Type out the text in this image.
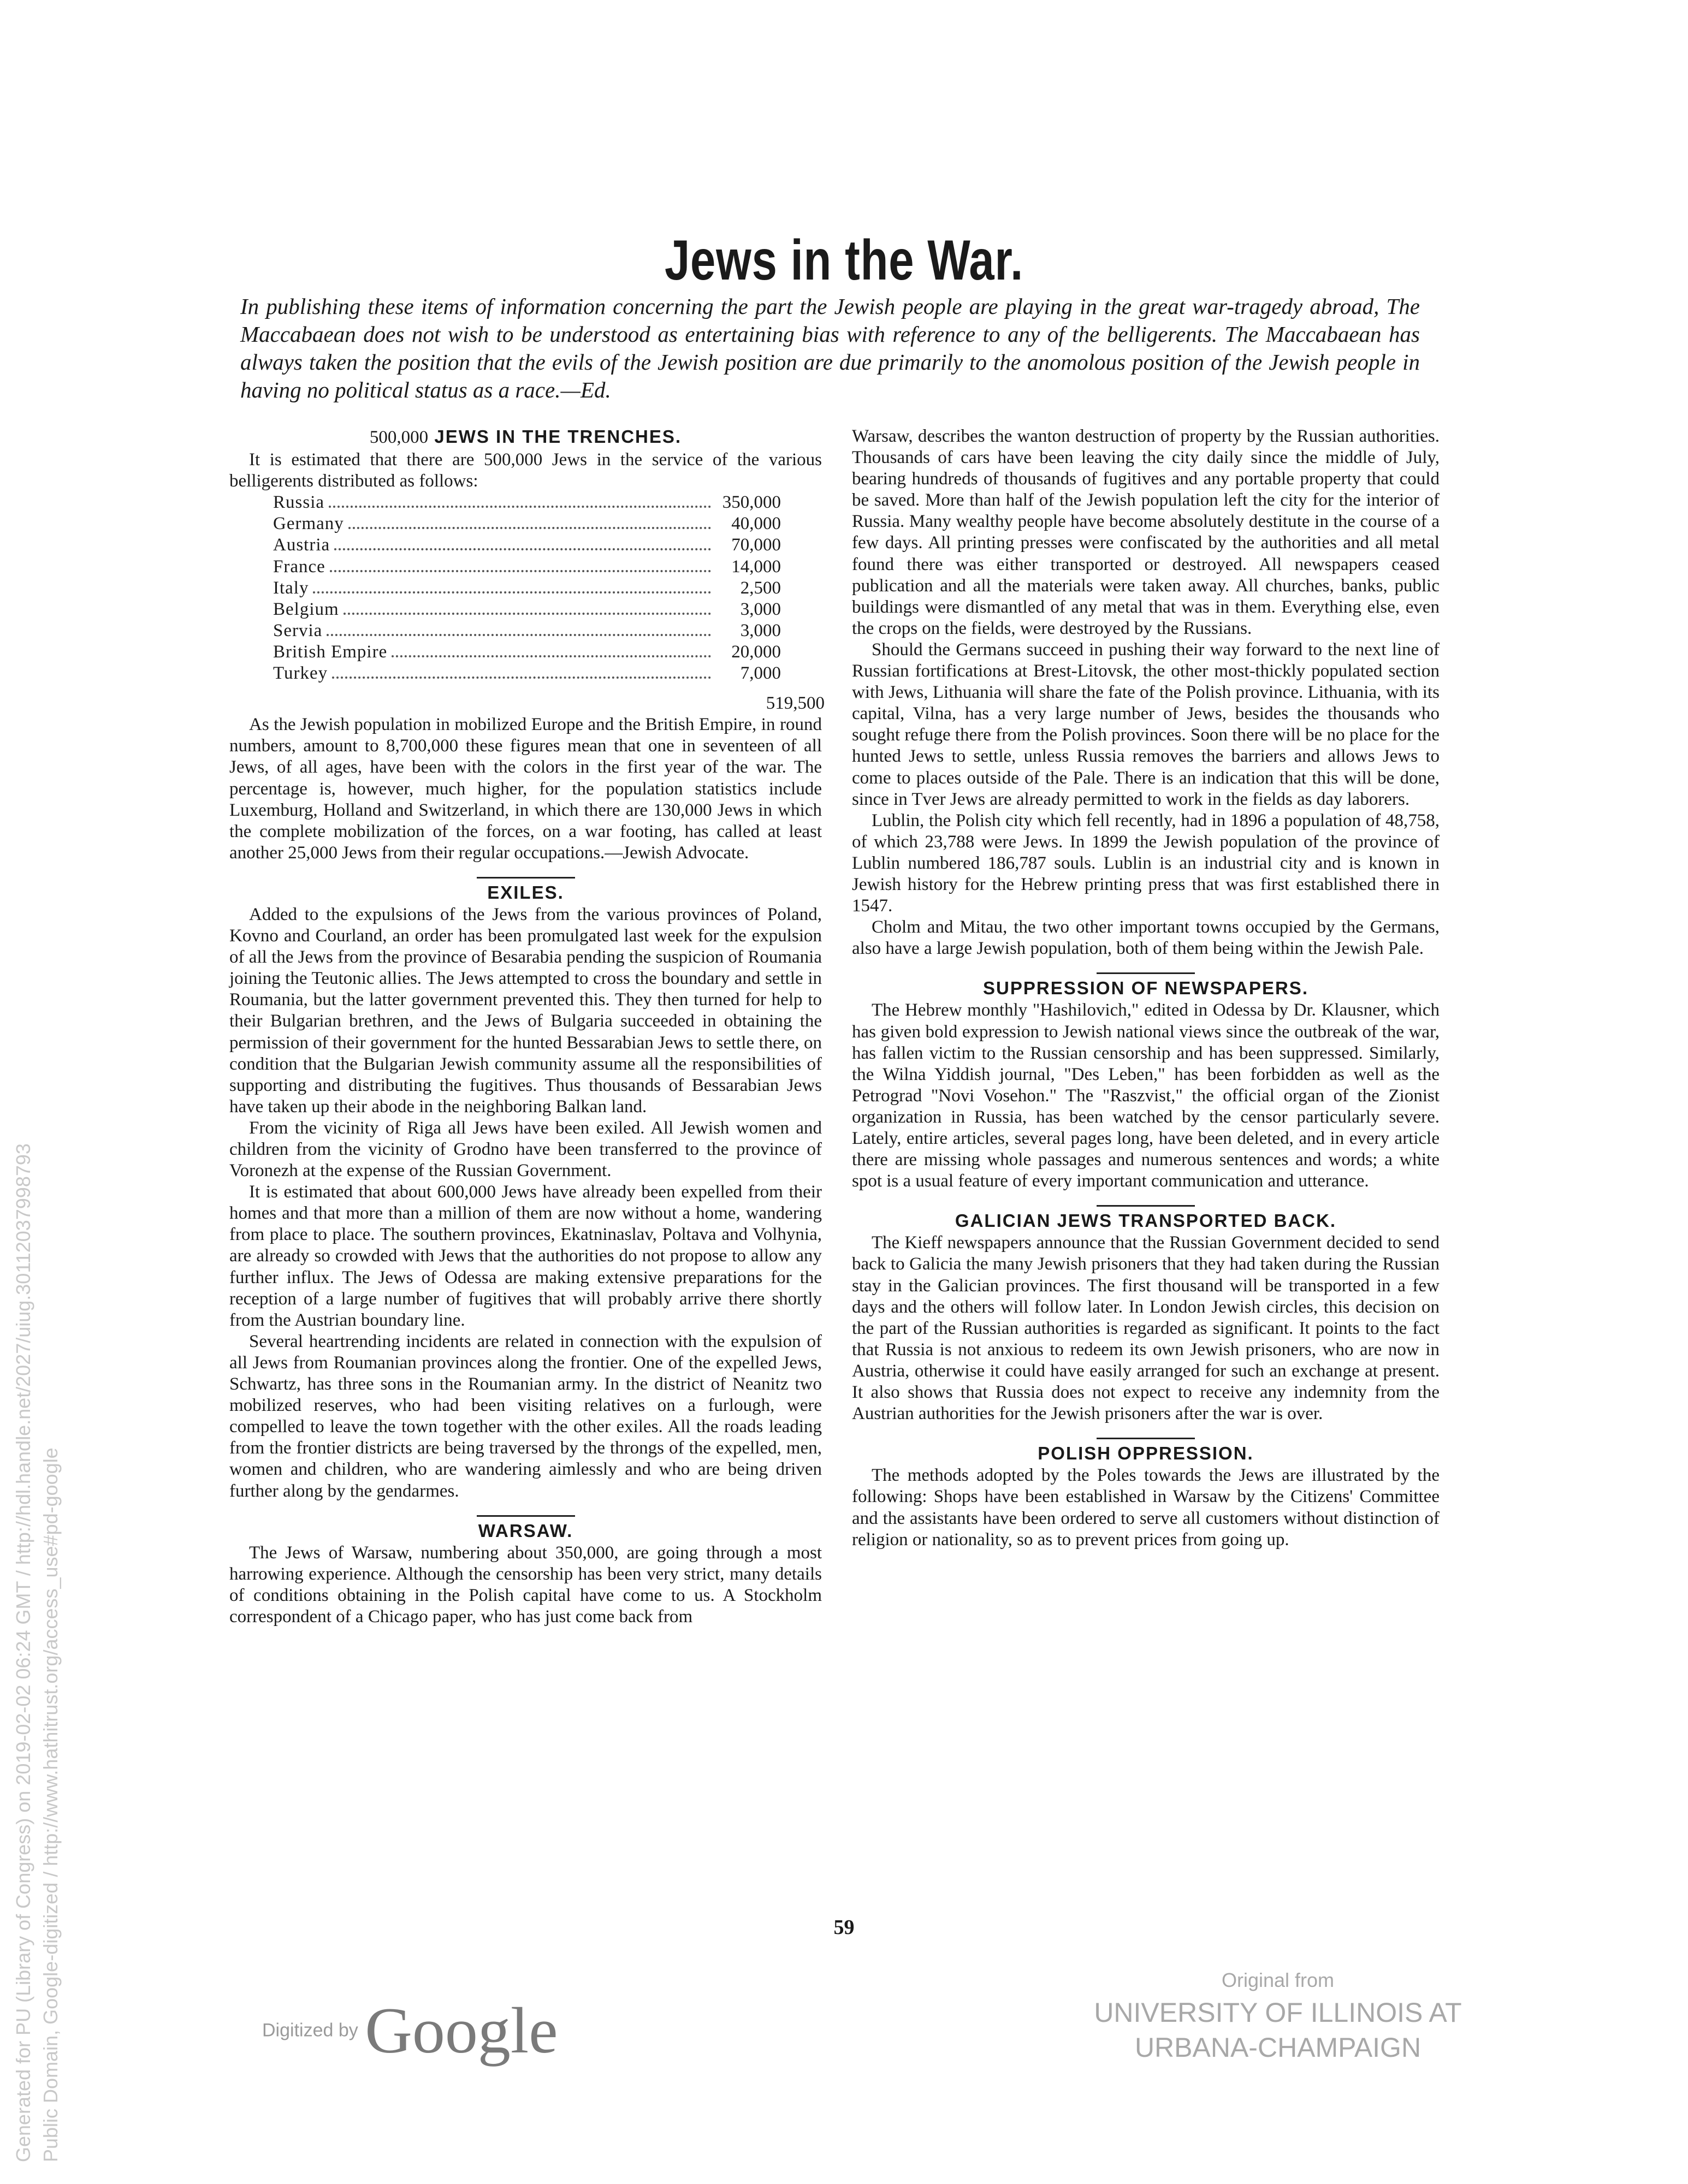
Jews in the War.

In publishing these items of information concerning the part the Jewish people are playing in the great war-tragedy abroad, The Maccabaean does not wish to be understood as entertaining bias with reference to any of the belligerents. The Maccabaean has always taken the position that the evils of the Jewish position are due primarily to the anomolous position of the Jewish people in having no political status as a race.—Ed.

500,000 JEWS IN THE TRENCHES.

It is estimated that there are 500,000 Jews in the service of the various belligerents distributed as follows:

Russia	350,000
Germany	40,000
Austria	70,000
France	14,000
Italy	2,500
Belgium	3,000
Servia	3,000
British Empire	20,000
Turkey	7,000
519,500

As the Jewish population in mobilized Europe and the British Empire, in round numbers, amount to 8,700,000 these figures mean that one in seventeen of all Jews, of all ages, have been with the colors in the first year of the war. The percentage is, however, much higher, for the population statistics include Luxemburg, Holland and Switzerland, in which there are 130,000 Jews in which the complete mobilization of the forces, on a war footing, has called at least another 25,000 Jews from their regular occupations.—Jewish Advocate.

EXILES.

Added to the expulsions of the Jews from the various provinces of Poland, Kovno and Courland, an order has been promulgated last week for the expulsion of all the Jews from the province of Besarabia pending the suspicion of Roumania joining the Teutonic allies. The Jews attempted to cross the boundary and settle in Roumania, but the latter government prevented this. They then turned for help to their Bulgarian brethren, and the Jews of Bulgaria succeeded in obtaining the permission of their government for the hunted Bessarabian Jews to settle there, on condition that the Bulgarian Jewish community assume all the responsibilities of supporting and distributing the fugitives. Thus thousands of Bessarabian Jews have taken up their abode in the neighboring Balkan land.

From the vicinity of Riga all Jews have been exiled. All Jewish women and children from the vicinity of Grodno have been transferred to the province of Voronezh at the expense of the Russian Government.

It is estimated that about 600,000 Jews have already been expelled from their homes and that more than a million of them are now without a home, wandering from place to place. The southern provinces, Ekatninaslav, Poltava and Volhynia, are already so crowded with Jews that the authorities do not propose to allow any further influx. The Jews of Odessa are making extensive preparations for the reception of a large number of fugitives that will probably arrive there shortly from the Austrian boundary line.

Several heartrending incidents are related in connection with the expulsion of all Jews from Roumanian provinces along the frontier. One of the expelled Jews, Schwartz, has three sons in the Roumanian army. In the district of Neanitz two mobilized reserves, who had been visiting relatives on a furlough, were compelled to leave the town together with the other exiles. All the roads leading from the frontier districts are being traversed by the throngs of the expelled, men, women and children, who are wandering aimlessly and who are being driven further along by the gendarmes.

WARSAW.

The Jews of Warsaw, numbering about 350,000, are going through a most harrowing experience. Although the censorship has been very strict, many details of conditions obtaining in the Polish capital have come to us. A Stockholm correspondent of a Chicago paper, who has just come back from

Warsaw, describes the wanton destruction of property by the Russian authorities. Thousands of cars have been leaving the city daily since the middle of July, bearing hundreds of thousands of fugitives and any portable property that could be saved. More than half of the Jewish population left the city for the interior of Russia. Many wealthy people have become absolutely destitute in the course of a few days. All printing presses were confiscated by the authorities and all metal found there was either transported or destroyed. All newspapers ceased publication and all the materials were taken away. All churches, banks, public buildings were dismantled of any metal that was in them. Everything else, even the crops on the fields, were destroyed by the Russians.

Should the Germans succeed in pushing their way forward to the next line of Russian fortifications at Brest-Litovsk, the other most-thickly populated section with Jews, Lithuania will share the fate of the Polish province. Lithuania, with its capital, Vilna, has a very large number of Jews, besides the thousands who sought refuge there from the Polish provinces. Soon there will be no place for the hunted Jews to settle, unless Russia removes the barriers and allows Jews to come to places outside of the Pale. There is an indication that this will be done, since in Tver Jews are already permitted to work in the fields as day laborers.

Lublin, the Polish city which fell recently, had in 1896 a population of 48,758, of which 23,788 were Jews. In 1899 the Jewish population of the province of Lublin numbered 186,787 souls. Lublin is an industrial city and is known in Jewish history for the Hebrew printing press that was first established there in 1547.

Cholm and Mitau, the two other important towns occupied by the Germans, also have a large Jewish population, both of them being within the Jewish Pale.

SUPPRESSION OF NEWSPAPERS.

The Hebrew monthly "Hashilovich," edited in Odessa by Dr. Klausner, which has given bold expression to Jewish national views since the outbreak of the war, has fallen victim to the Russian censorship and has been suppressed. Similarly, the Wilna Yiddish journal, "Des Leben," has been forbidden as well as the Petrograd "Novi Vosehon." The "Raszvist," the official organ of the Zionist organization in Russia, has been watched by the censor particularly severe. Lately, entire articles, several pages long, have been deleted, and in every article there are missing whole passages and numerous sentences and words; a white spot is a usual feature of every important communication and utterance.

GALICIAN JEWS TRANSPORTED BACK.

The Kieff newspapers announce that the Russian Government decided to send back to Galicia the many Jewish prisoners that they had taken during the Russian stay in the Galician provinces. The first thousand will be transported in a few days and the others will follow later. In London Jewish circles, this decision on the part of the Russian authorities is regarded as significant. It points to the fact that Russia is not anxious to redeem its own Jewish prisoners, who are now in Austria, otherwise it could have easily arranged for such an exchange at present. It also shows that Russia does not expect to receive any indemnity from the Austrian authorities for the Jewish prisoners after the war is over.

POLISH OPPRESSION.

The methods adopted by the Poles towards the Jews are illustrated by the following: Shops have been established in Warsaw by the Citizens' Committee and the assistants have been ordered to serve all customers without distinction of religion or nationality, so as to prevent prices from going up.

59
Digitized by Google
Original from
UNIVERSITY OF ILLINOIS AT
URBANA-CHAMPAIGN
Generated for PU (Library of Congress) on 2019-02-02 06:24 GMT / http://hdl.handle.net/2027/uiug.30112037998793 Public Domain, Google-digitized / http://www.hathitrust.org/access_use#pd-google
